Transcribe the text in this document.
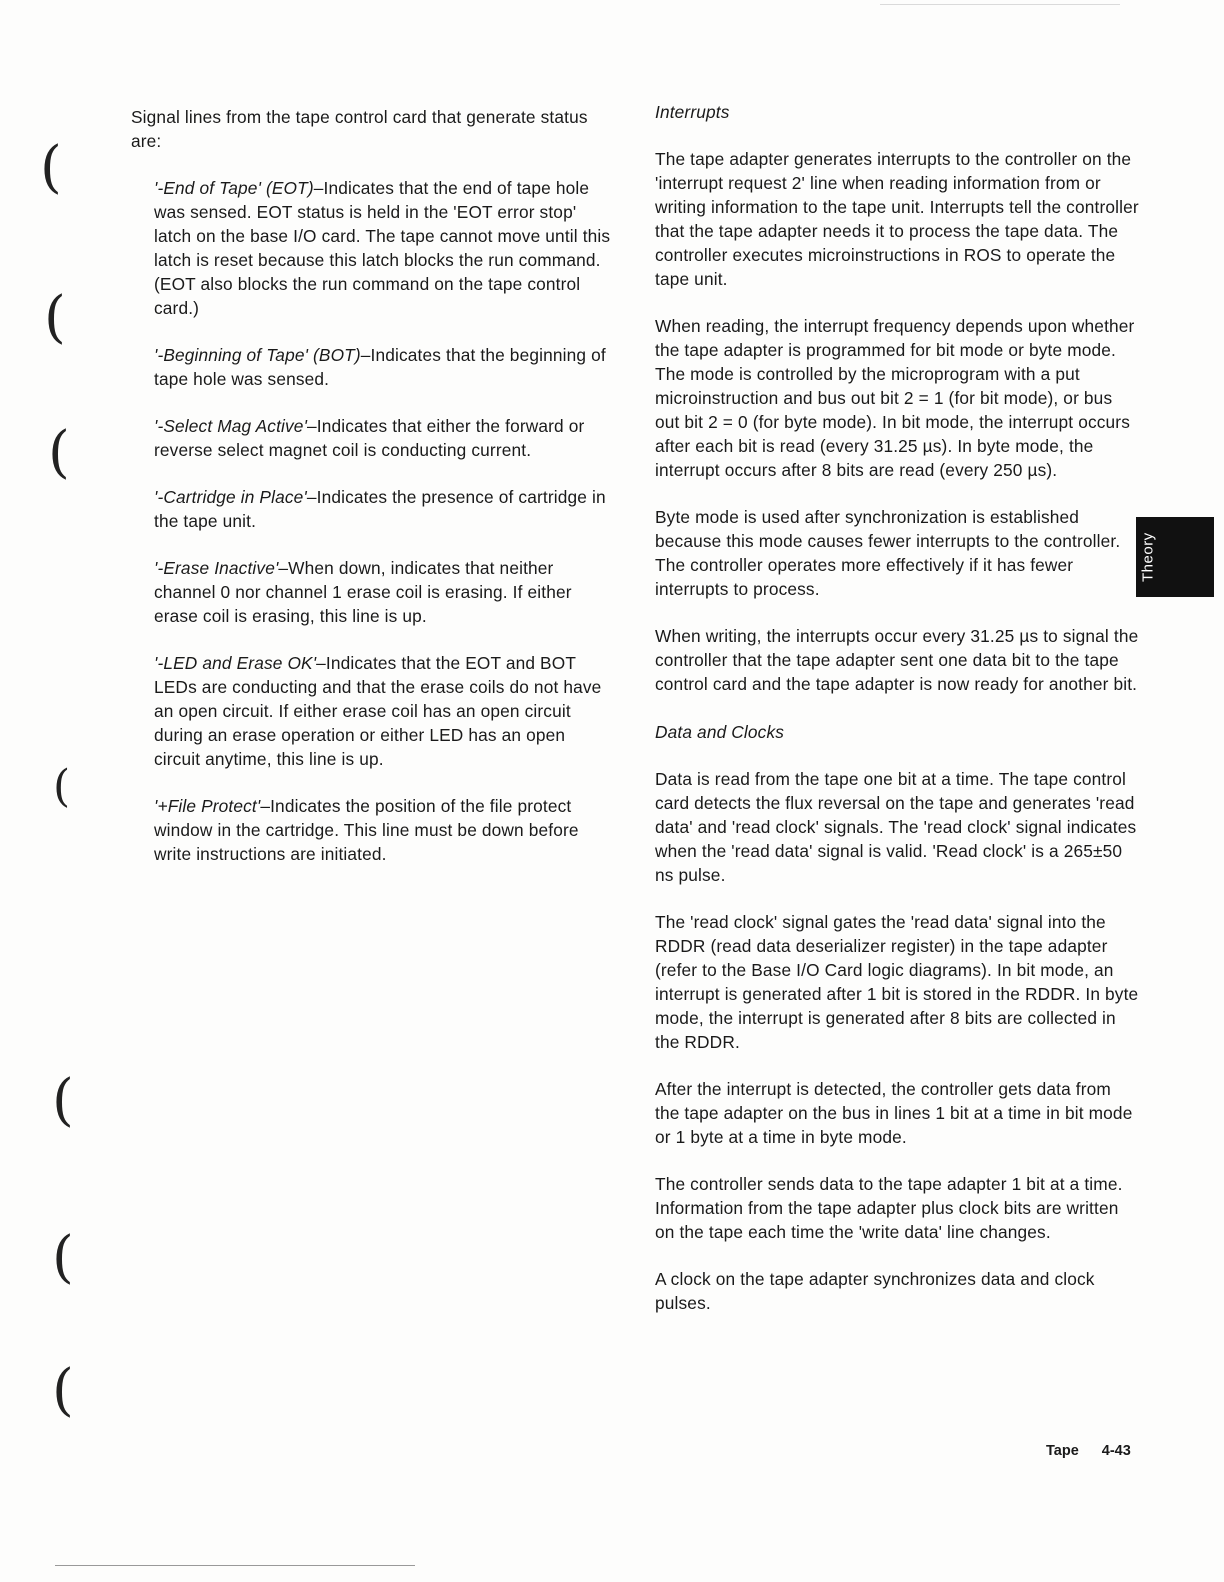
(
(
(
(
(
(
(

Signal lines from the tape control card that generate status are:

'-End of Tape' (EOT)–Indicates that the end of tape hole was sensed. EOT status is held in the 'EOT error stop' latch on the base I/O card. The tape cannot move until this latch is reset because this latch blocks the run command. (EOT also blocks the run command on the tape control card.)

'-Beginning of Tape' (BOT)–Indicates that the beginning of tape hole was sensed.

'-Select Mag Active'–Indicates that either the forward or reverse select magnet coil is conducting current.

'-Cartridge in Place'–Indicates the presence of cartridge in the tape unit.

'-Erase Inactive'–When down, indicates that neither channel 0 nor channel 1 erase coil is erasing. If either erase coil is erasing, this line is up.

'-LED and Erase OK'–Indicates that the EOT and BOT LEDs are conducting and that the erase coils do not have an open circuit. If either erase coil has an open circuit during an erase operation or either LED has an open circuit anytime, this line is up.

'+File Protect'–Indicates the position of the file protect window in the cartridge. This line must be down before write instructions are initiated.

Interrupts

The tape adapter generates interrupts to the controller on the 'interrupt request 2' line when reading information from or writing information to the tape unit. Interrupts tell the controller that the tape adapter needs it to process the tape data. The controller executes microinstructions in ROS to operate the tape unit.

When reading, the interrupt frequency depends upon whether the tape adapter is programmed for bit mode or byte mode. The mode is controlled by the microprogram with a put microinstruction and bus out bit 2 = 1 (for bit mode), or bus out bit 2 = 0 (for byte mode). In bit mode, the interrupt occurs after each bit is read (every 31.25 µs). In byte mode, the interrupt occurs after 8 bits are read (every 250 µs).

Byte mode is used after synchronization is established because this mode causes fewer interrupts to the controller. The controller operates more effectively if it has fewer interrupts to process.

When writing, the interrupts occur every 31.25 µs to signal the controller that the tape adapter sent one data bit to the tape control card and the tape adapter is now ready for another bit.

Data and Clocks

Data is read from the tape one bit at a time. The tape control card detects the flux reversal on the tape and generates 'read data' and 'read clock' signals. The 'read clock' signal indicates when the 'read data' signal is valid. 'Read clock' is a 265±50 ns pulse.

The 'read clock' signal gates the 'read data' signal into the RDDR (read data deserializer register) in the tape adapter (refer to the Base I/O Card logic diagrams). In bit mode, an interrupt is generated after 1 bit is stored in the RDDR. In byte mode, the interrupt is generated after 8 bits are collected in the RDDR.

After the interrupt is detected, the controller gets data from the tape adapter on the bus in lines 1 bit at a time in bit mode or 1 byte at a time in byte mode.

The controller sends data to the tape adapter 1 bit at a time. Information from the tape adapter plus clock bits are written on the tape each time the 'write data' line changes.

A clock on the tape adapter synchronizes data and clock pulses.

Theory
Tape 4-43
